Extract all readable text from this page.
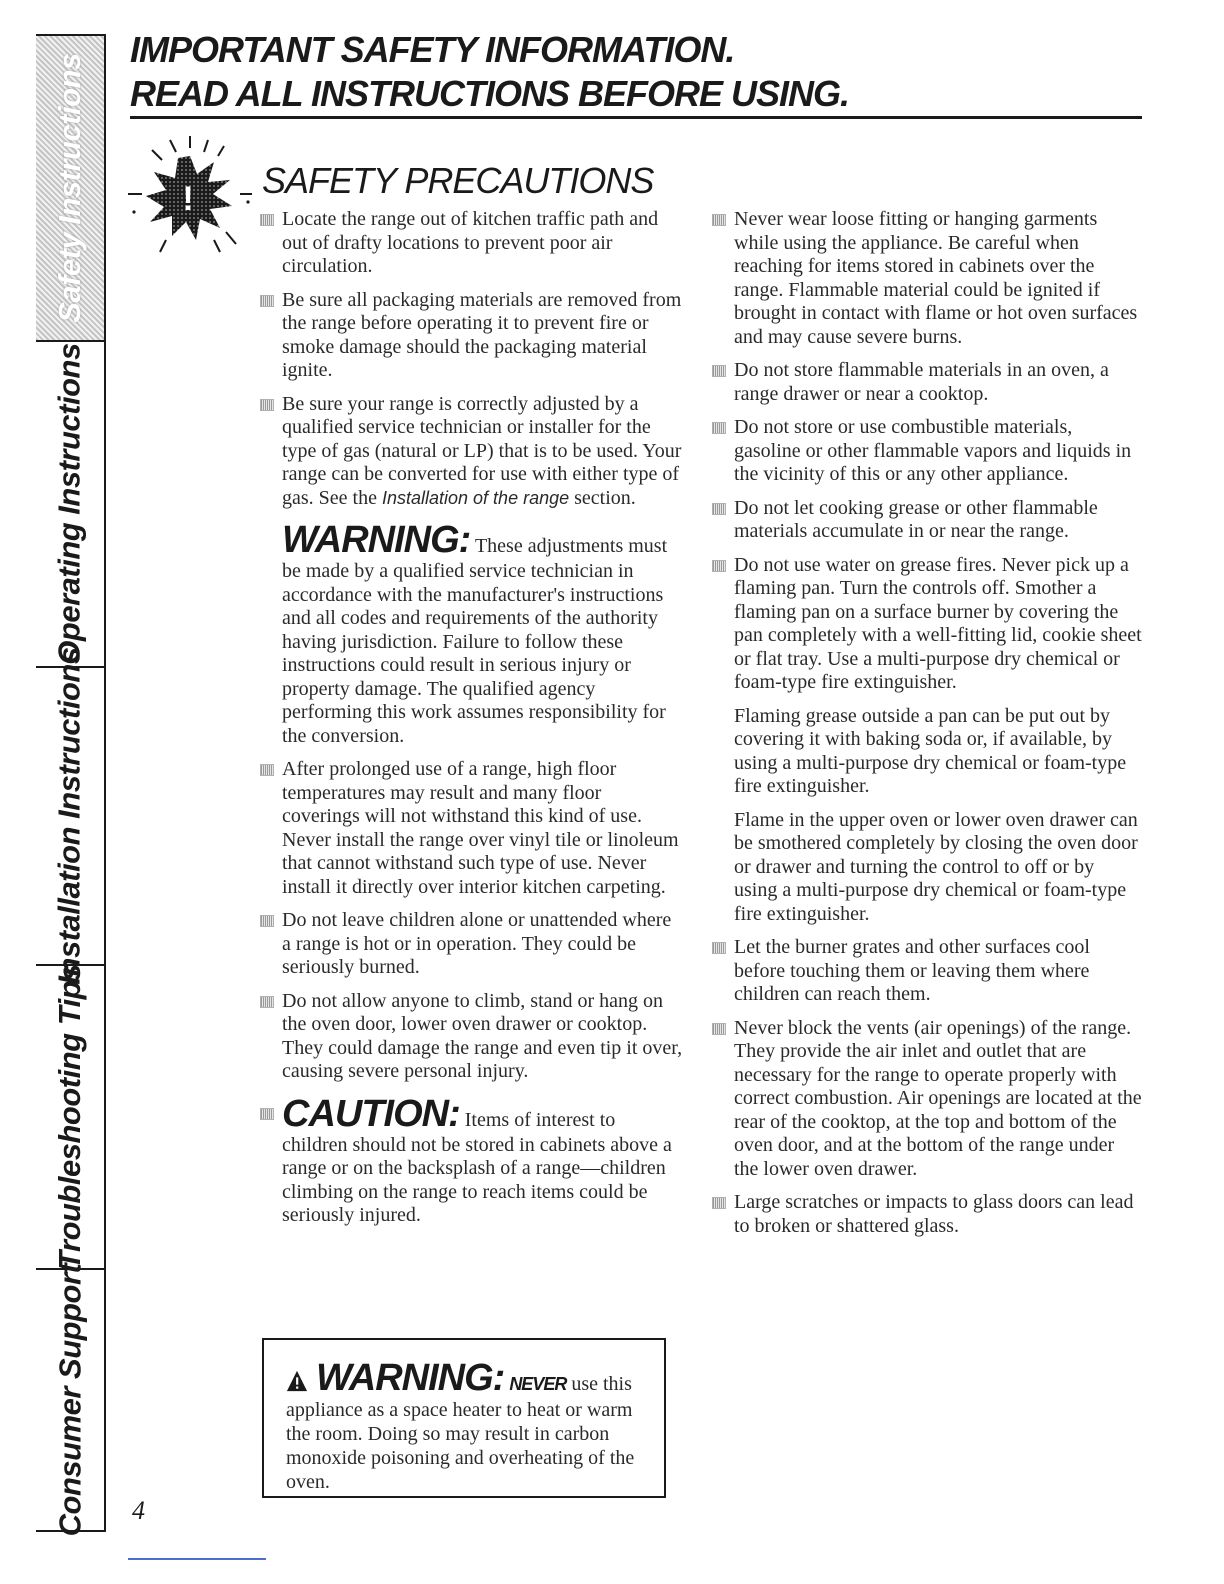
Safety Instructions
Operating Instructions
Installation Instructions
Troubleshooting Tips
Consumer Support
IMPORTANT SAFETY INFORMATION.
READ ALL INSTRUCTIONS BEFORE USING.
! SAFETY PRECAUTIONS

Locate the range out of kitchen traffic path and out of drafty locations to prevent poor air circulation.

Be sure all packaging materials are removed from the range before operating it to prevent fire or smoke damage should the packaging material ignite.

Be sure your range is correctly adjusted by a qualified service technician or installer for the type of gas (natural or LP) that is to be used. Your range can be converted for use with either type of gas. See the Installation of the range section.

WARNING: These adjustments must be made by a qualified service technician in accordance with the manufacturer's instructions and all codes and requirements of the authority having jurisdiction. Failure to follow these instructions could result in serious injury or property damage. The qualified agency performing this work assumes responsibility for the conversion.

After prolonged use of a range, high floor temperatures may result and many floor coverings will not withstand this kind of use. Never install the range over vinyl tile or linoleum that cannot withstand such type of use. Never install it directly over interior kitchen carpeting.

Do not leave children alone or unattended where a range is hot or in operation. They could be seriously burned.

Do not allow anyone to climb, stand or hang on the oven door, lower oven drawer or cooktop. They could damage the range and even tip it over, causing severe personal injury.

CAUTION: Items of interest to children should not be stored in cabinets above a range or on the backsplash of a range—children climbing on the range to reach items could be seriously injured.

WARNING: NEVER use this appliance as a space heater to heat or warm the room. Doing so may result in carbon monoxide poisoning and overheating of the oven.

Never wear loose fitting or hanging garments while using the appliance. Be careful when reaching for items stored in cabinets over the range. Flammable material could be ignited if brought in contact with flame or hot oven surfaces and may cause severe burns.

Do not store flammable materials in an oven, a range drawer or near a cooktop.

Do not store or use combustible materials, gasoline or other flammable vapors and liquids in the vicinity of this or any other appliance.

Do not let cooking grease or other flammable materials accumulate in or near the range.

Do not use water on grease fires. Never pick up a flaming pan. Turn the controls off. Smother a flaming pan on a surface burner by covering the pan completely with a well-fitting lid, cookie sheet or flat tray. Use a multi-purpose dry chemical or foam-type fire extinguisher.

Flaming grease outside a pan can be put out by covering it with baking soda or, if available, by using a multi-purpose dry chemical or foam-type fire extinguisher.

Flame in the upper oven or lower oven drawer can be smothered completely by closing the oven door or drawer and turning the control to off or by using a multi-purpose dry chemical or foam-type fire extinguisher.

Let the burner grates and other surfaces cool before touching them or leaving them where children can reach them.

Never block the vents (air openings) of the range. They provide the air inlet and outlet that are necessary for the range to operate properly with correct combustion. Air openings are located at the rear of the cooktop, at the top and bottom of the oven door, and at the bottom of the range under the lower oven drawer.

Large scratches or impacts to glass doors can lead to broken or shattered glass.

4
